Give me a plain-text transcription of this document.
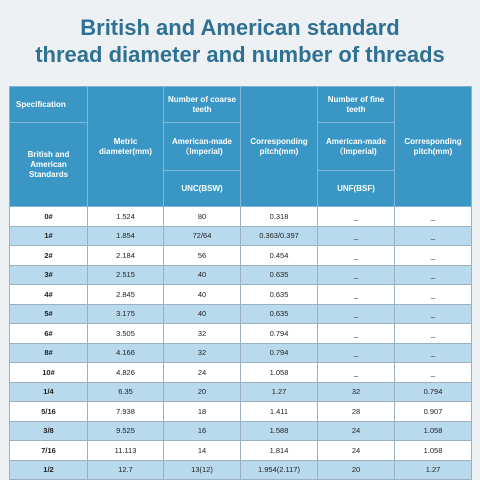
British and American standard
thread diameter and number of threads
Specification	Metric diameter(mm)	Number of coarse teeth	Corresponding pitch(mm)	Number of fine teeth	Corresponding pitch(mm)
British and American Standards		American-made （Imperial)		American-made （Imperial)	
		UNC(BSW)		UNF(BSF)	
0#	1.524	80	0.318	_	_
1#	1.854	72/64	0.363/0.397	_	_
2#	2.184	56	0.454	_	_
3#	2.515	40	0.635	_	_
4#	2.845	40	0.635	_	_
5#	3.175	40	0.635	_	_
6#	3.505	32	0.794	_	_
8#	4.166	32	0.794	_	_
10#	4.826	24	1.058	_	_
1/4	6.35	20	1.27	32	0.794
5/16	7.938	18	1.411	28	0.907
3/8	9.525	16	1.588	24	1.058
7/16	11.113	14	1.814	24	1.058
1/2	12.7	13(12)	1.954(2.117)	20	1.27
